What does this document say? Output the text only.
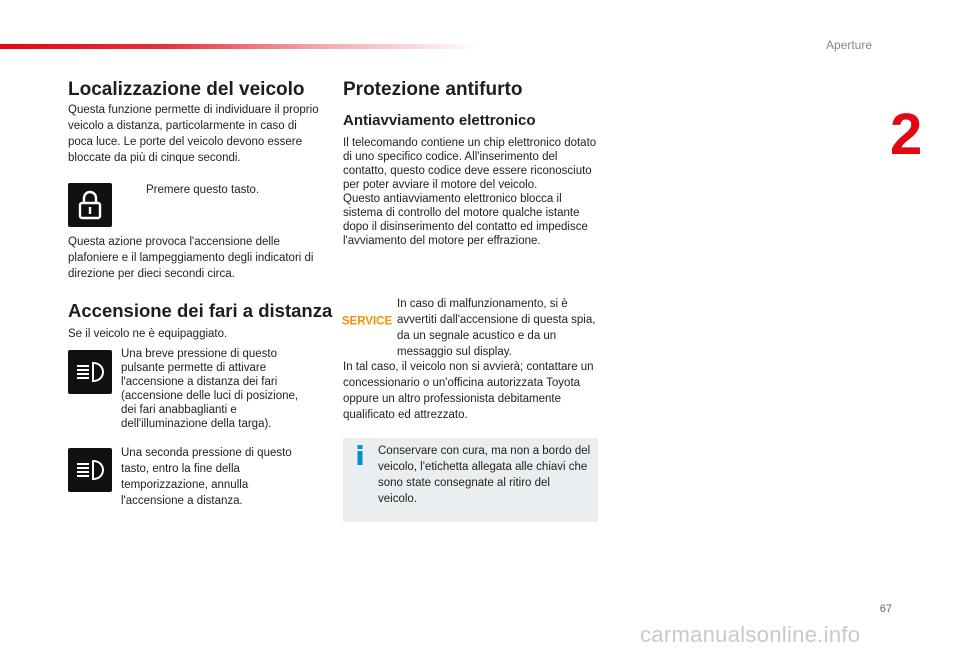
Aperture
2
Localizzazione del veicolo

Questa funzione permette di individuare il proprio veicolo a distanza, particolarmente in caso di poca luce. Le porte del veicolo devono essere bloccate da più di cinque secondi.

Premere questo tasto.

Questa azione provoca l'accensione delle plafoniere e il lampeggiamento degli indicatori di direzione per dieci secondi circa.

Accensione dei fari a distanza

Se il veicolo ne è equipaggiato.

Una breve pressione di questo pulsante permette di attivare l'accensione a distanza dei fari (accensione delle luci di posizione, dei fari anabbaglianti e dell'illuminazione della targa).

Una seconda pressione di questo tasto, entro la fine della temporizzazione, annulla l'accensione a distanza.

Protezione antifurto
Antiavviamento elettronico

Il telecomando contiene un chip elettronico dotato di uno specifico codice. All'inserimento del contatto, questo codice deve essere riconosciuto per poter avviare il motore del veicolo.
Questo antiavviamento elettronico blocca il sistema di controllo del motore qualche istante dopo il disinserimento del contatto ed impedisce l'avviamento del motore per effrazione.

SERVICE

In caso di malfunzionamento, si è avvertiti dall'accensione di questa spia, da un segnale acustico e da un messaggio sul display.

In tal caso, il veicolo non si avvierà; contattare un concessionario o un'officina autorizzata Toyota oppure un altro professionista debitamente qualificato ed attrezzato.

Conservare con cura, ma non a bordo del veicolo, l'etichetta allegata alle chiavi che sono state consegnate al ritiro del veicolo.

67
carmanualsonline.info
